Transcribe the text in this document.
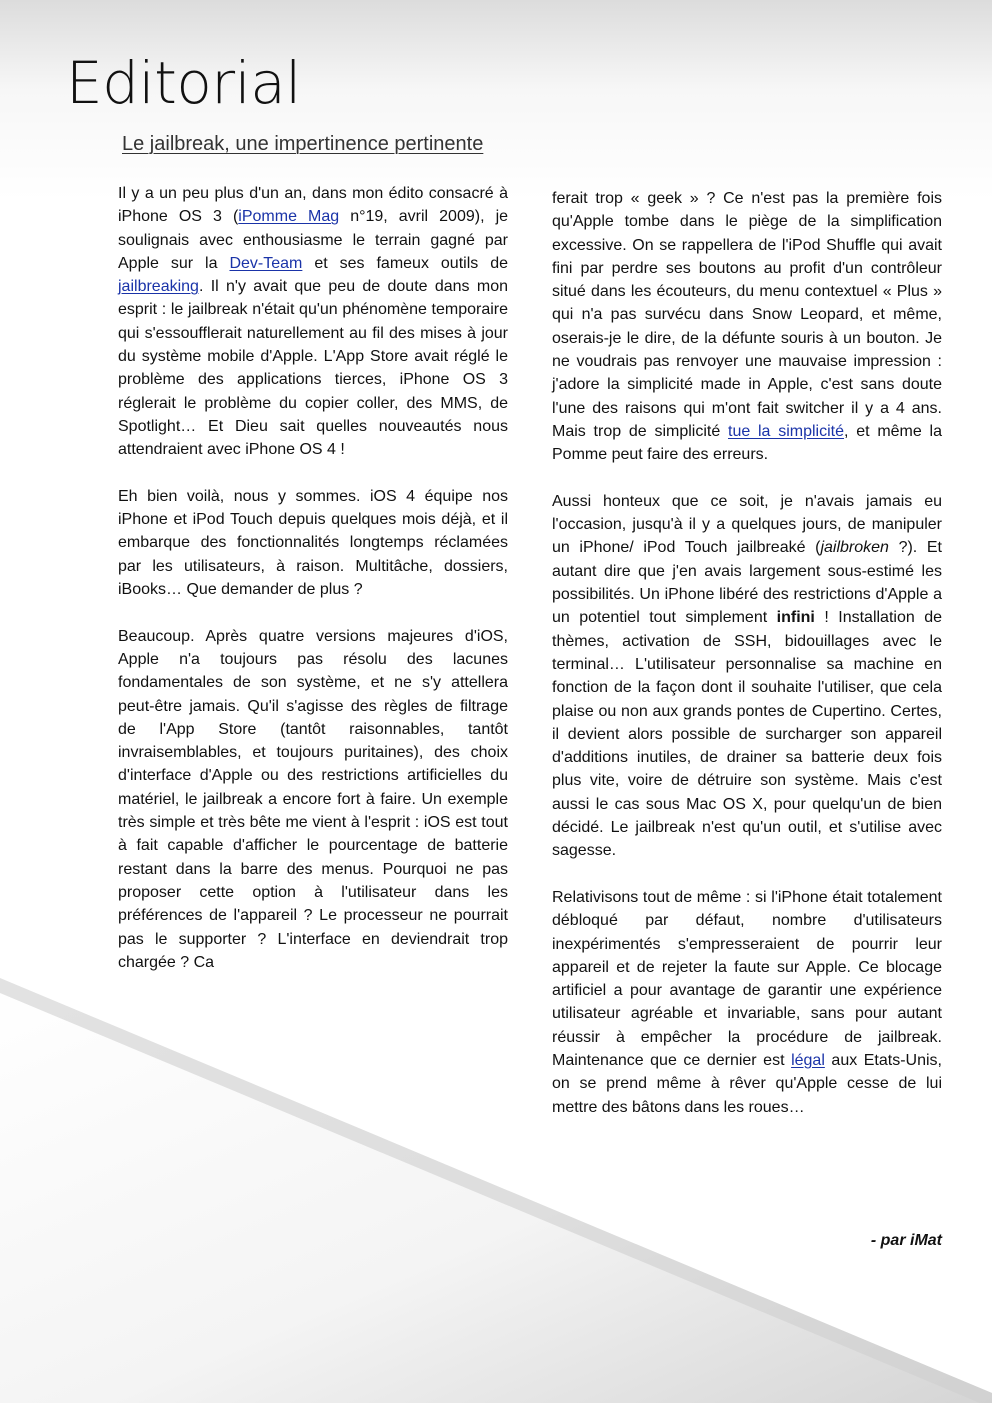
Editorial
Le jailbreak, une impertinence pertinente

Il y a un peu plus d'un an, dans mon édito consacré à iPhone OS 3 (iPomme Mag n°19, avril 2009), je soulignais avec enthousiasme le terrain gagné par Apple sur la Dev-Team et ses fameux outils de jailbreaking. Il n'y avait que peu de doute dans mon esprit : le jailbreak n'était qu'un phénomène temporaire qui s'essoufflerait naturellement au fil des mises à jour du système mobile d'Apple. L'App Store avait réglé le problème des applications tierces, iPhone OS 3 réglerait le problème du copier coller, des MMS, de Spotlight… Et Dieu sait quelles nouveautés nous attendraient avec iPhone OS 4 !

Eh bien voilà, nous y sommes. iOS 4 équipe nos iPhone et iPod Touch depuis quelques mois déjà, et il embarque des fonctionnalités longtemps réclamées par les utilisateurs, à raison. Multitâche, dossiers, iBooks… Que demander de plus ?

Beaucoup. Après quatre versions majeures d'iOS, Apple n'a toujours pas résolu des lacunes fondamentales de son système, et ne s'y attellera peut-être jamais. Qu'il s'agisse des règles de filtrage de l'App Store (tantôt raisonnables, tantôt invraisemblables, et toujours puritaines), des choix d'interface d'Apple ou des restrictions artificielles du matériel, le jailbreak a encore fort à faire. Un exemple très simple et très bête me vient à l'esprit : iOS est tout à fait capable d'afficher le pourcentage de batterie restant dans la barre des menus. Pourquoi ne pas proposer cette option à l'utilisateur dans les préférences de l'appareil ? Le processeur ne pourrait pas le supporter ? L'interface en deviendrait trop chargée ? Ca

ferait trop « geek » ? Ce n'est pas la première fois qu'Apple tombe dans le piège de la simplification excessive. On se rappellera de l'iPod Shuffle qui avait fini par perdre ses boutons au profit d'un contrôleur situé dans les écouteurs, du menu contextuel « Plus » qui n'a pas survécu dans Snow Leopard, et même, oserais-je le dire, de la défunte souris à un bouton. Je ne voudrais pas renvoyer une mauvaise impression : j'adore la simplicité made in Apple, c'est sans doute l'une des raisons qui m'ont fait switcher il y a 4 ans. Mais trop de simplicité tue la simplicité, et même la Pomme peut faire des erreurs.

Aussi honteux que ce soit, je n'avais jamais eu l'occasion, jusqu'à il y a quelques jours, de manipuler un iPhone/ iPod Touch jailbreaké (jailbroken ?). Et autant dire que j'en avais largement sous-estimé les possibilités. Un iPhone libéré des restrictions d'Apple a un potentiel tout simplement infini ! Installation de thèmes, activation de SSH, bidouillages avec le terminal… L'utilisateur personnalise sa machine en fonction de la façon dont il souhaite l'utiliser, que cela plaise ou non aux grands pontes de Cupertino. Certes, il devient alors possible de surcharger son appareil d'additions inutiles, de drainer sa batterie deux fois plus vite, voire de détruire son système. Mais c'est aussi le cas sous Mac OS X, pour quelqu'un de bien décidé. Le jailbreak n'est qu'un outil, et s'utilise avec sagesse.

Relativisons tout de même : si l'iPhone était totalement débloqué par défaut, nombre d'utilisateurs inexpérimentés s'empresseraient de pourrir leur appareil et de rejeter la faute sur Apple. Ce blocage artificiel a pour avantage de garantir une expérience utilisateur agréable et invariable, sans pour autant réussir à empêcher la procédure de jailbreak. Maintenance que ce dernier est légal aux Etats-Unis, on se prend même à rêver qu'Apple cesse de lui mettre des bâtons dans les roues…

- par iMat
